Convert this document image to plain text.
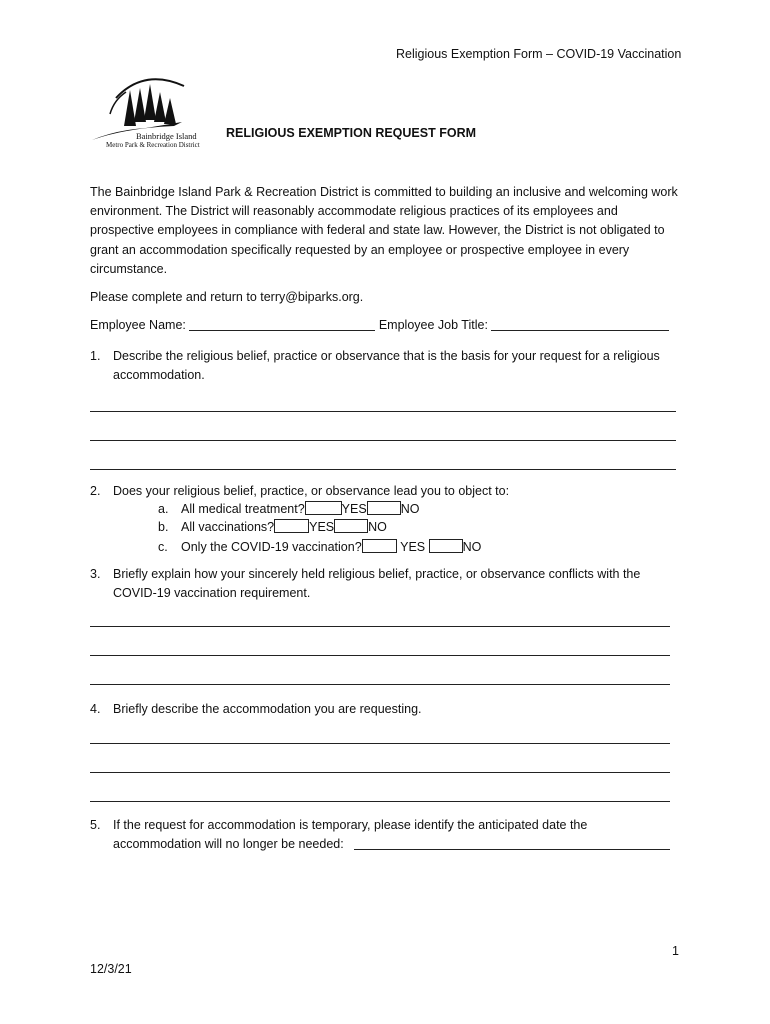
Religious Exemption Form – COVID-19 Vaccination
Bainbridge Island
Metro Park & Recreation District
RELIGIOUS EXEMPTION REQUEST FORM
The Bainbridge Island Park & Recreation District is committed to building an inclusive and welcoming work environment. The District will reasonably accommodate religious practices of its employees and prospective employees in compliance with federal and state law. However, the District is not obligated to grant an accommodation specifically requested by an employee or prospective employee in every circumstance.
Please complete and return to terry@biparks.org.
Employee Name:	Employee Job Title:
1. Describe the religious belief, practice or observance that is the basis for your request for a religious accommodation.
2. Does your religious belief, practice, or observance lead you to object to:
a. All medical treatment?	YES	NO
b. All vaccinations?	YES	NO
c. Only the COVID-19 vaccination?	YES	NO
3. Briefly explain how your sincerely held religious belief, practice, or observance conflicts with the COVID-19 vaccination requirement.
4. Briefly describe the accommodation you are requesting.
5. If the request for accommodation is temporary, please identify the anticipated date the accommodation will no longer be needed:
1
12/3/21
